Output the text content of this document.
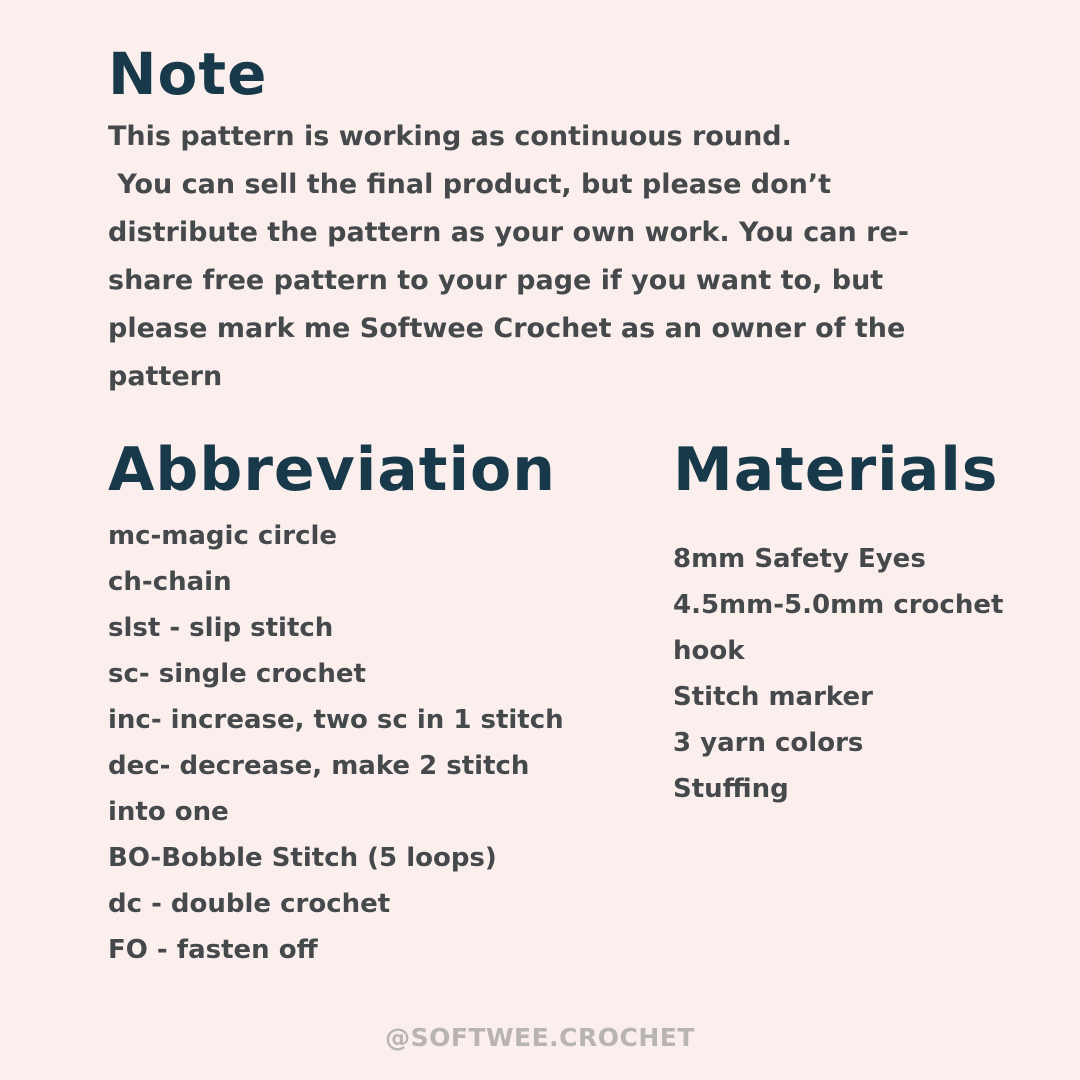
Note
This pattern is working as continuous round.
You can sell the final product, but please don’t
distribute the pattern as your own work. You can re-
share free pattern to your page if you want to, but
please mark me Softwee Crochet as an owner of the
pattern
Abbreviation
mc-magic circle
ch-chain
slst - slip stitch
sc- single crochet
inc- increase, two sc in 1 stitch
dec- decrease, make 2 stitch
into one
BO-Bobble Stitch (5 loops)
dc - double crochet
FO - fasten off
Materials
8mm Safety Eyes
4.5mm-5.0mm crochet
hook
Stitch marker
3 yarn colors
Stuffing
@SOFTWEE.CROCHET
